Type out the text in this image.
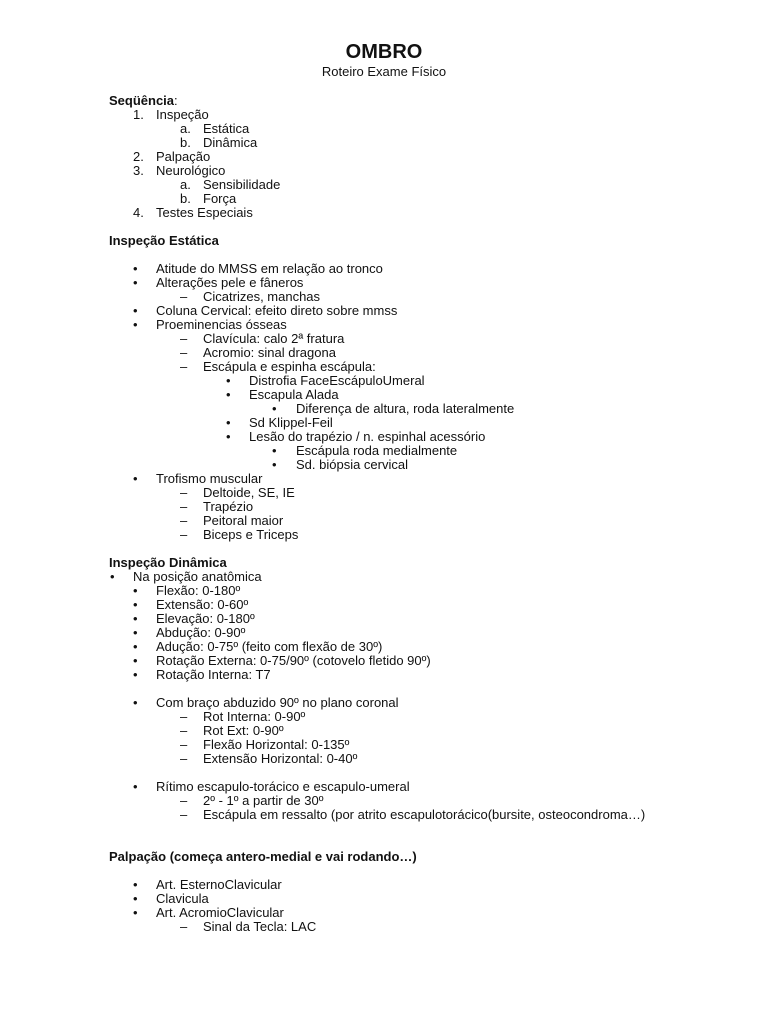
OMBRO
Roteiro Exame Físico
Seqüência:
1. Inspeção
a. Estática
b. Dinâmica
2. Palpação
3. Neurológico
a. Sensibilidade
b. Força
4. Testes Especiais
Inspeção Estática
• Atitude do MMSS em relação ao tronco
• Alterações pele e fâneros
– Cicatrizes, manchas
• Coluna Cervical: efeito direto sobre mmss
• Proeminencias ósseas
– Clavícula: calo 2ª fratura
– Acromio: sinal dragona
– Escápula e espinha escápula:
• Distrofia FaceEscápuloUmeral
• Escapula Alada
• Diferença de altura, roda lateralmente
• Sd Klippel-Feil
• Lesão do trapézio / n. espinhal acessório
• Escápula roda medialmente
• Sd. biópsia cervical
• Trofismo muscular
– Deltoide, SE, IE
– Trapézio
– Peitoral maior
– Biceps e Triceps
Inspeção Dinâmica
• Na posição anatômica
• Flexão: 0-180º
• Extensão: 0-60º
• Elevação: 0-180º
• Abdução: 0-90º
• Adução: 0-75º (feito com flexão de 30º)
• Rotação Externa: 0-75/90º (cotovelo fletido 90º)
• Rotação Interna: T7
• Com braço abduzido 90º no plano coronal
– Rot Interna: 0-90º
– Rot Ext: 0-90º
– Flexão Horizontal: 0-135º
– Extensão Horizontal: 0-40º
• Rítimo escapulo-torácico e escapulo-umeral
– 2º - 1º a partir de 30º
– Escápula em ressalto (por atrito escapulotorácico(bursite, osteocondroma…)
Palpação (começa antero-medial e vai rodando…)
• Art. EsternoClavicular
• Clavicula
• Art. AcromioClavicular
– Sinal da Tecla: LAC
